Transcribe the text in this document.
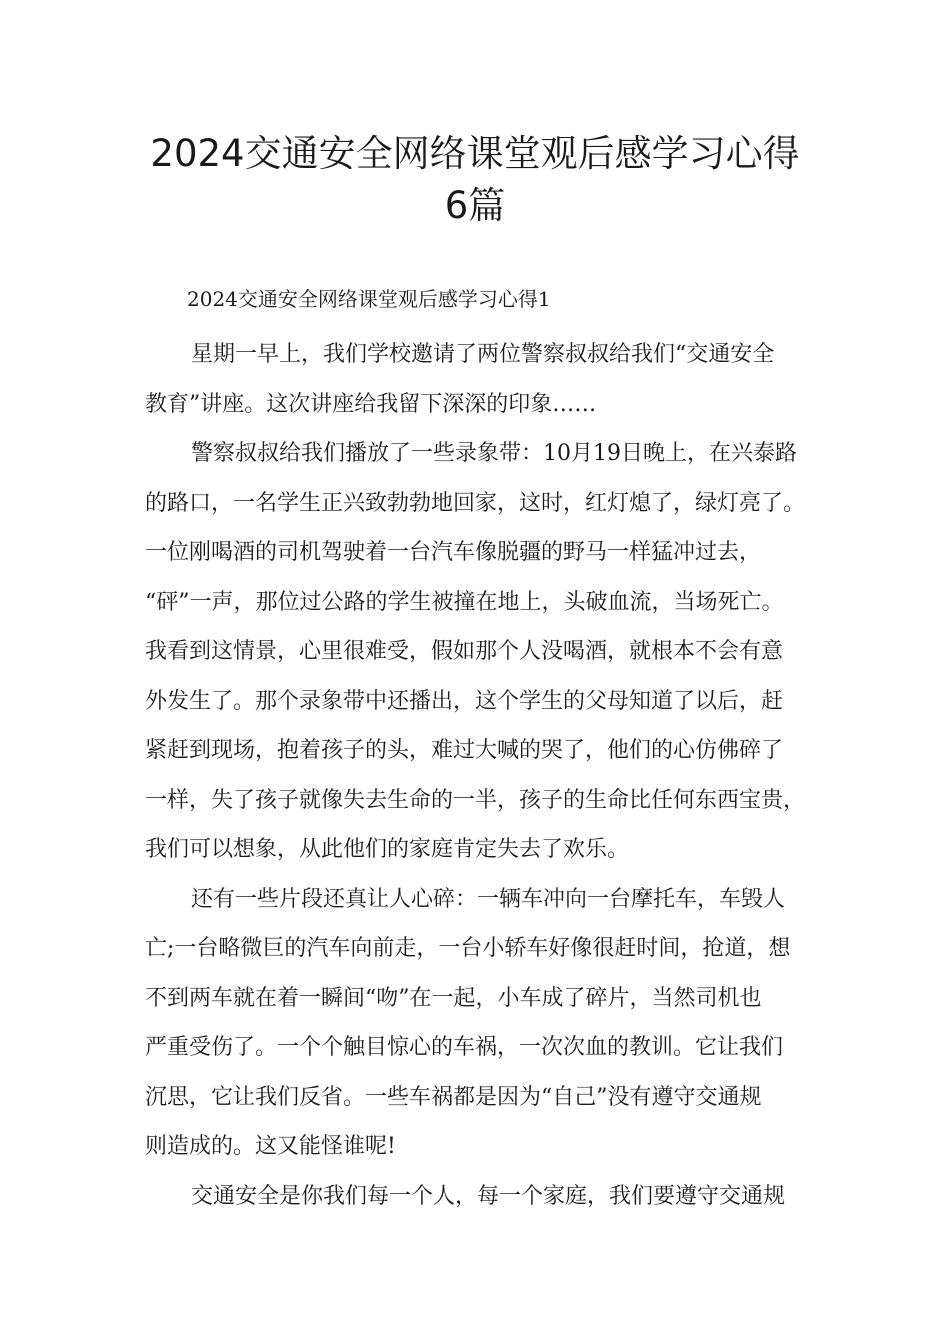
2024交通安全网络课堂观后感学习心得
6篇

2024交通安全网络课堂观后感学习心得1

星期一早上，我们学校邀请了两位警察叔叔给我们“交通安全
教育”讲座。这次讲座给我留下深深的印象……
警察叔叔给我们播放了一些录象带：10月19日晚上，在兴泰路
的路口，一名学生正兴致勃勃地回家，这时，红灯熄了，绿灯亮了。
一位刚喝酒的司机驾驶着一台汽车像脱疆的野马一样猛冲过去，
“砰”一声，那位过公路的学生被撞在地上，头破血流，当场死亡。
我看到这情景，心里很难受，假如那个人没喝酒，就根本不会有意
外发生了。那个录象带中还播出，这个学生的父母知道了以后，赶
紧赶到现场，抱着孩子的头，难过大喊的哭了，他们的心仿佛碎了
一样，失了孩子就像失去生命的一半，孩子的生命比任何东西宝贵，
我们可以想象，从此他们的家庭肯定失去了欢乐。
还有一些片段还真让人心碎：一辆车冲向一台摩托车，车毁人
亡;一台略微巨的汽车向前走，一台小轿车好像很赶时间，抢道，想
不到两车就在着一瞬间“吻”在一起，小车成了碎片，当然司机也
严重受伤了。一个个触目惊心的车祸，一次次血的教训。它让我们
沉思，它让我们反省。一些车祸都是因为“自己”没有遵守交通规
则造成的。这又能怪谁呢!
交通安全是你我们每一个人，每一个家庭，我们要遵守交通规
